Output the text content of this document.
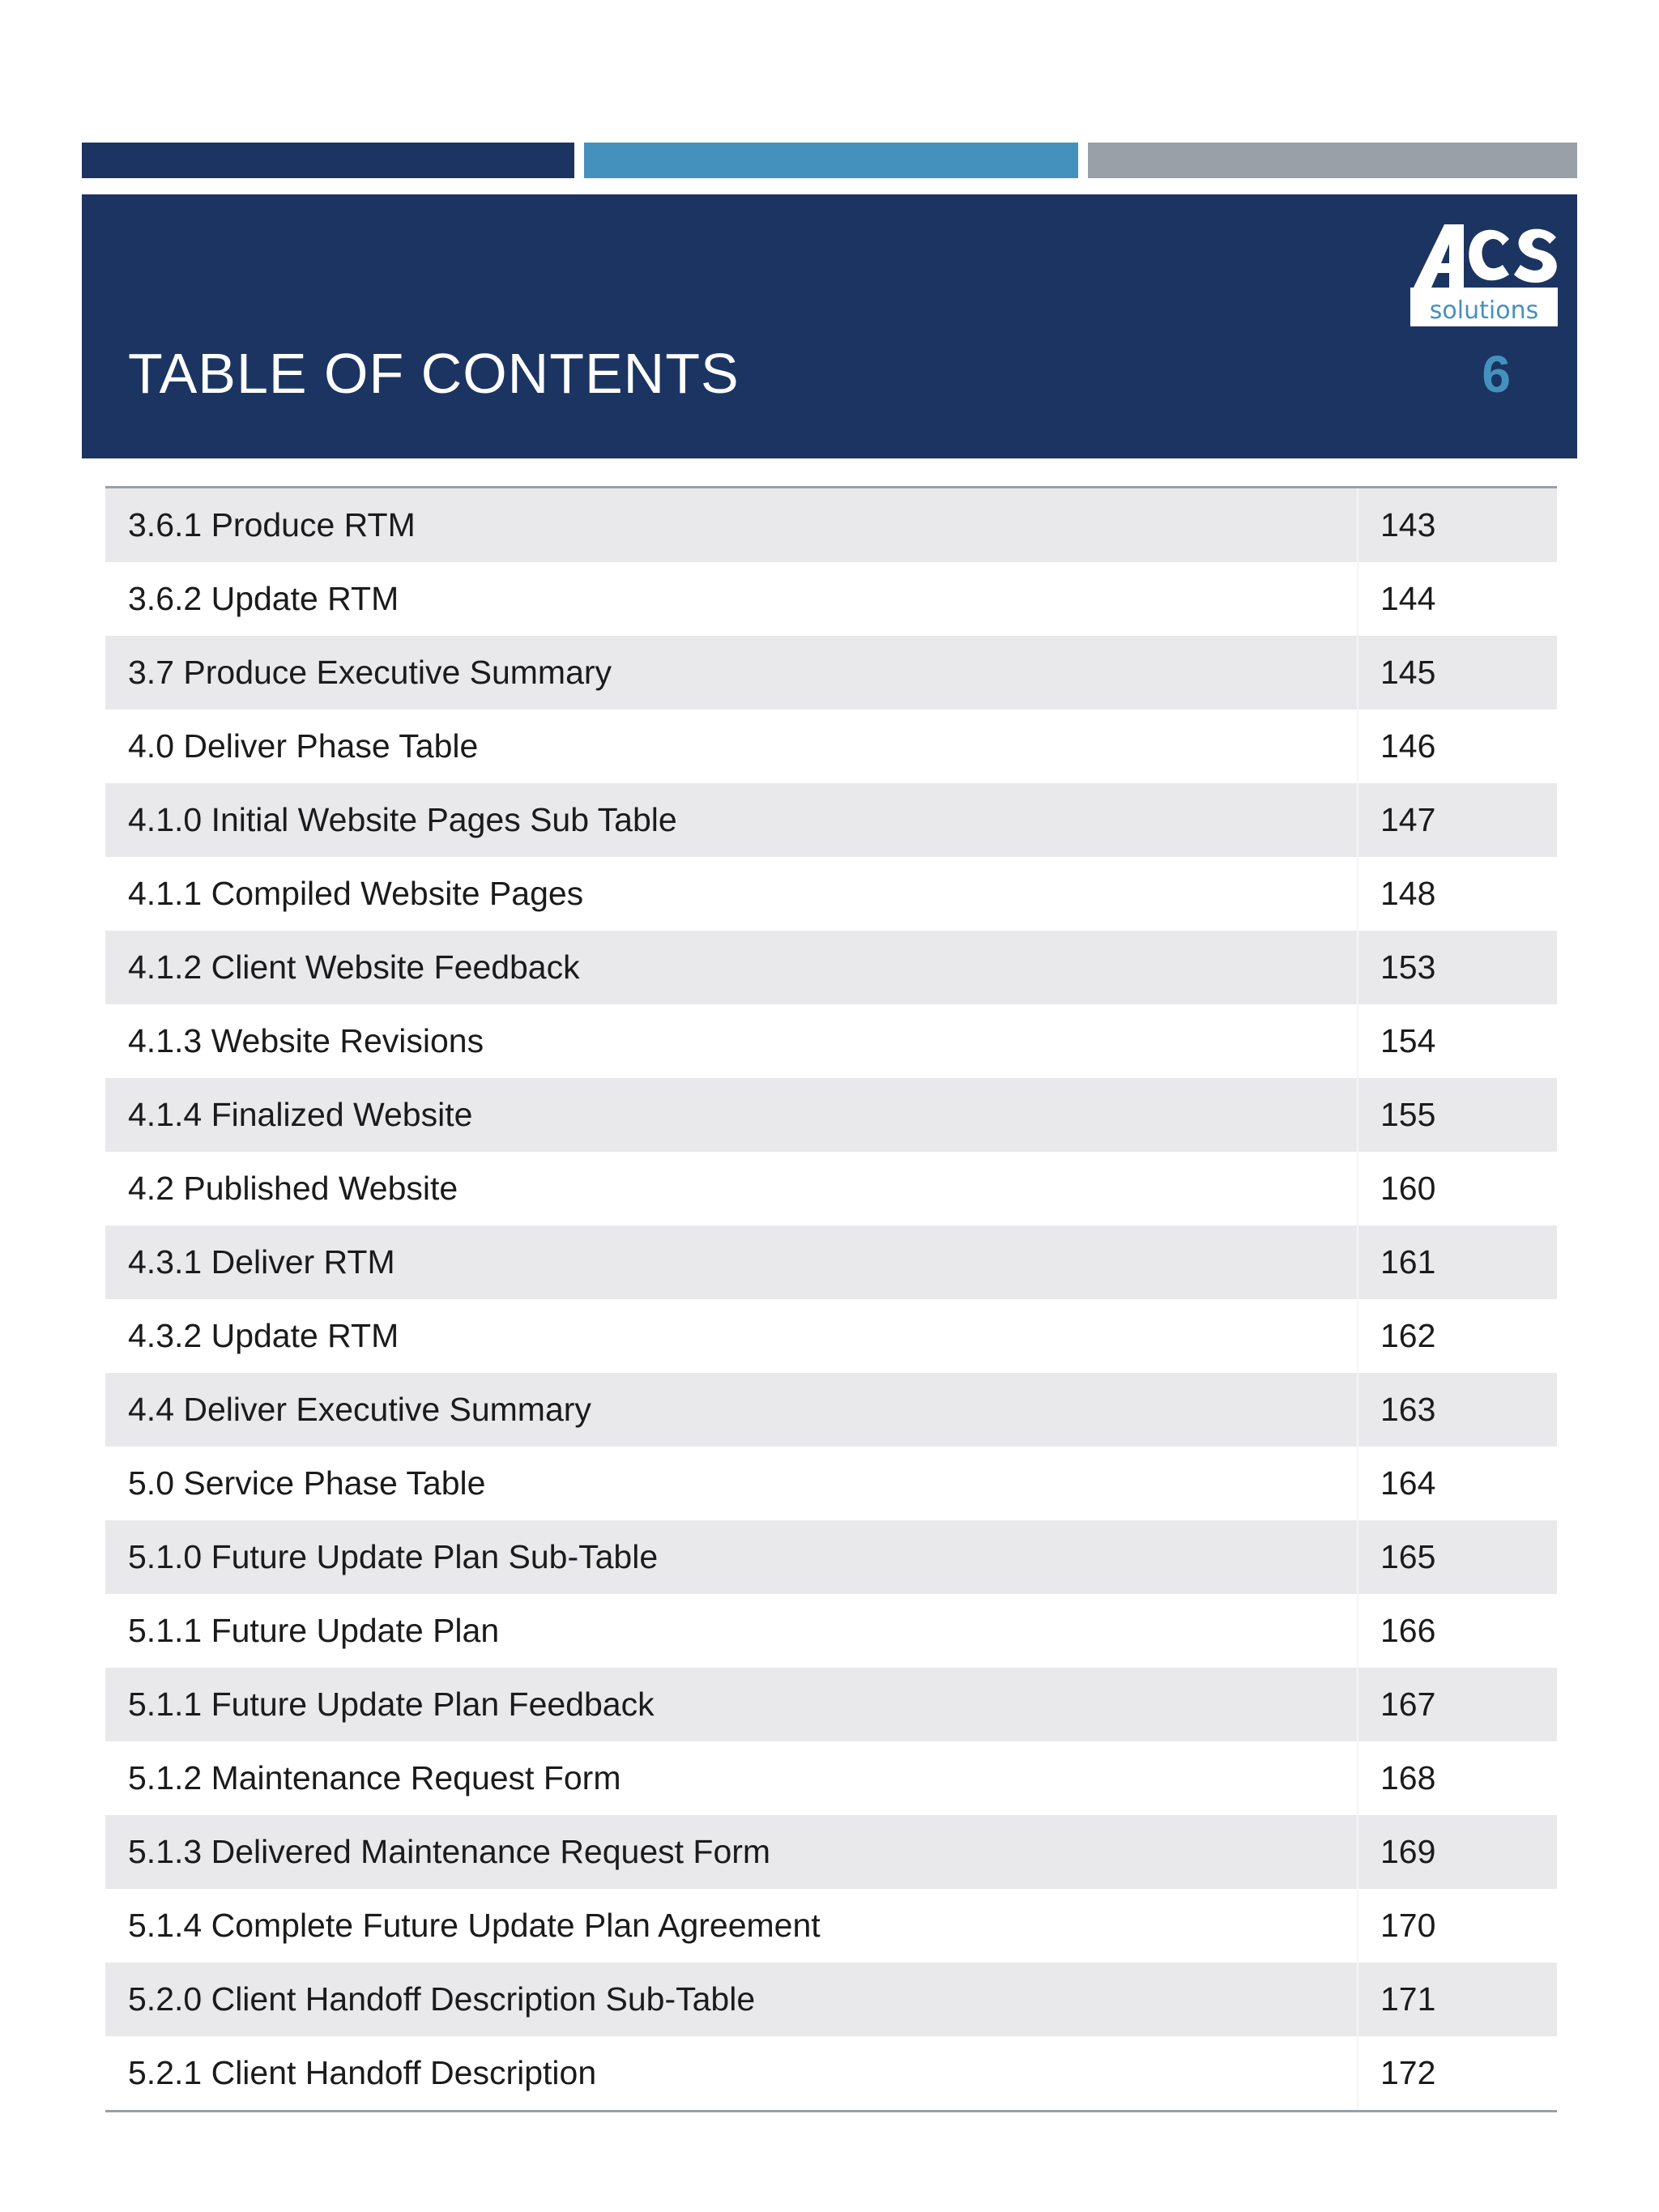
solutions
TABLE OF CONTENTS	6
3.6.1 Produce RTM	143
3.6.2 Update RTM	144
3.7 Produce Executive Summary	145
4.0 Deliver Phase Table	146
4.1.0 Initial Website Pages Sub Table	147
4.1.1 Compiled Website Pages	148
4.1.2 Client Website Feedback	153
4.1.3 Website Revisions	154
4.1.4 Finalized Website	155
4.2 Published Website	160
4.3.1 Deliver RTM	161
4.3.2 Update RTM	162
4.4 Deliver Executive Summary	163
5.0 Service Phase Table	164
5.1.0 Future Update Plan Sub-Table	165
5.1.1 Future Update Plan	166
5.1.1 Future Update Plan Feedback	167
5.1.2 Maintenance Request Form	168
5.1.3 Delivered Maintenance Request Form	169
5.1.4 Complete Future Update Plan Agreement	170
5.2.0 Client Handoff Description Sub-Table	171
5.2.1 Client Handoff Description	172
